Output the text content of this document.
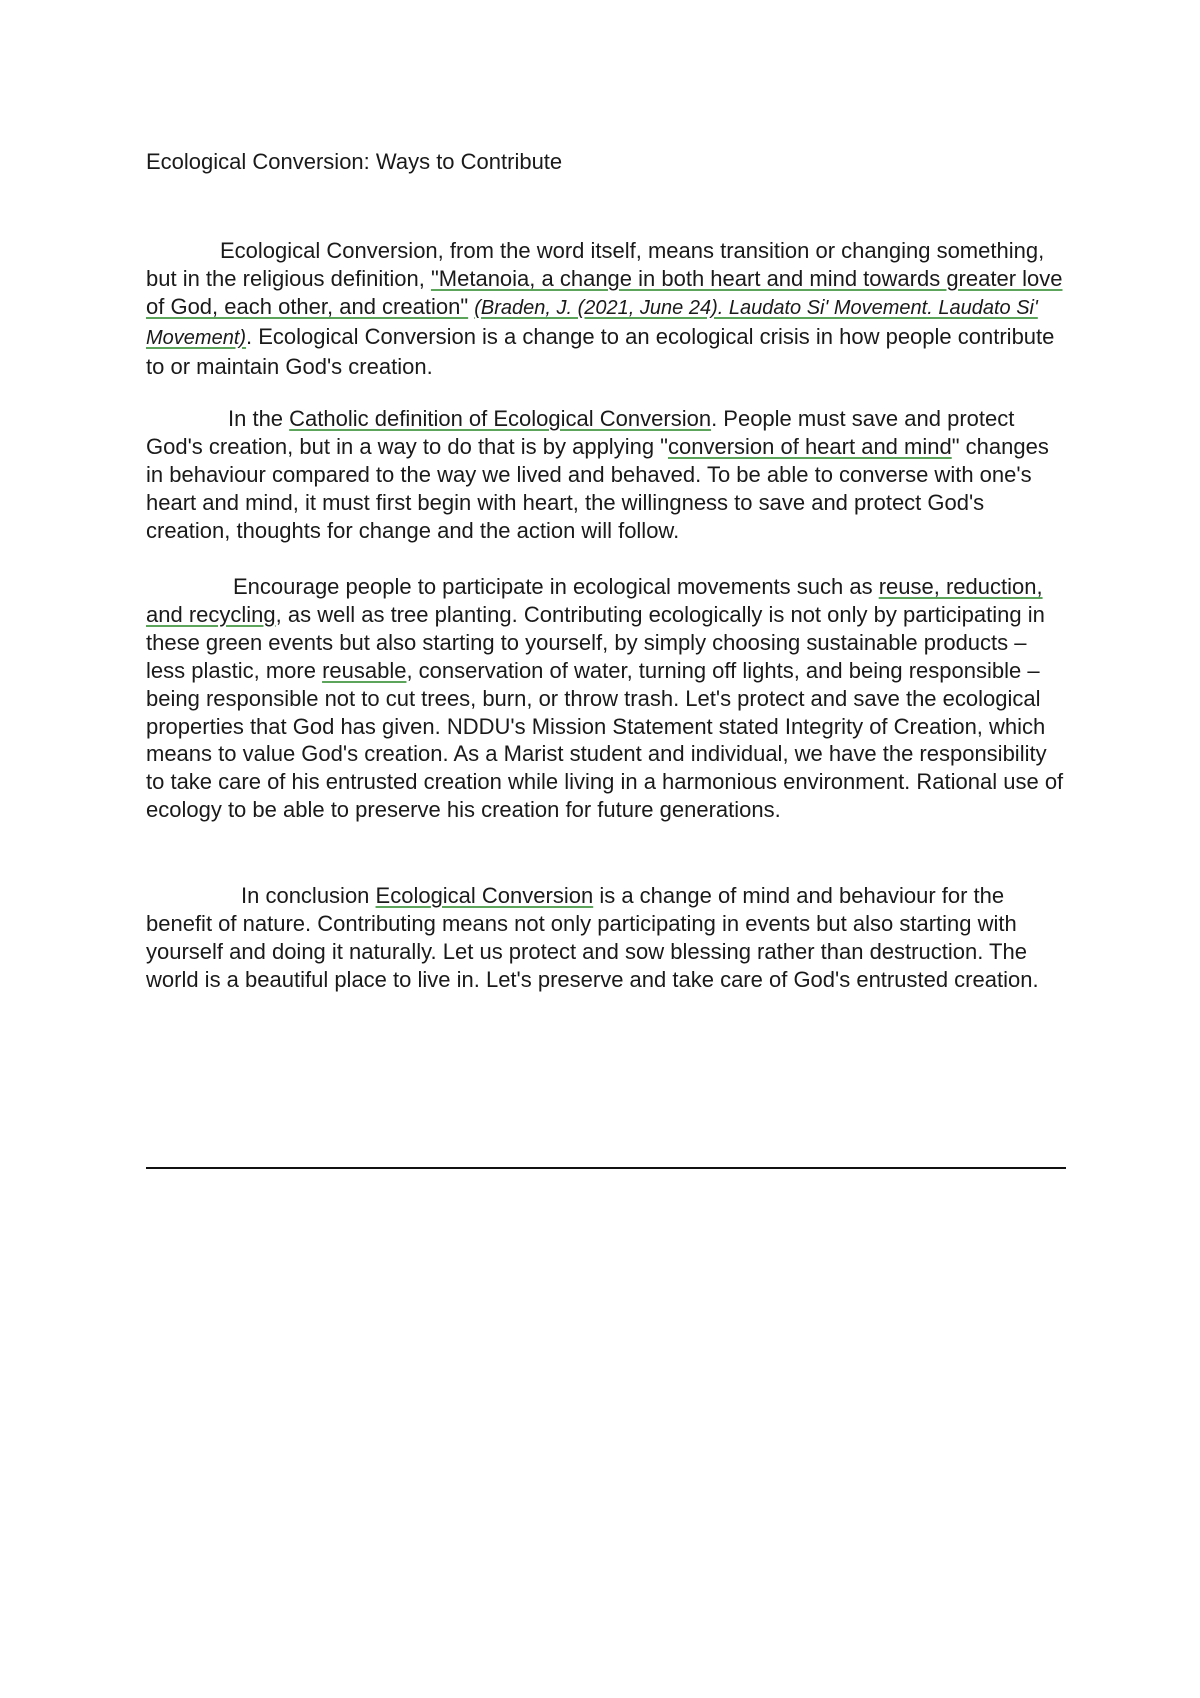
Ecological Conversion: Ways to Contribute

Ecological Conversion, from the word itself, means transition or changing something, but in the religious definition, "Metanoia, a change in both heart and mind towards greater love of God, each other, and creation" (Braden, J. (2021, June 24). Laudato Si' Movement. Laudato Si' Movement). Ecological Conversion is a change to an ecological crisis in how people contribute to or maintain God's creation.

In the Catholic definition of Ecological Conversion. People must save and protect God's creation, but in a way to do that is by applying "conversion of heart and mind" changes in behaviour compared to the way we lived and behaved. To be able to converse with one's heart and mind, it must first begin with heart, the willingness to save and protect God's creation, thoughts for change and the action will follow.

Encourage people to participate in ecological movements such as reuse, reduction, and recycling, as well as tree planting. Contributing ecologically is not only by participating in these green events but also starting to yourself, by simply choosing sustainable products – less plastic, more reusable, conservation of water, turning off lights, and being responsible – being responsible not to cut trees, burn, or throw trash. Let's protect and save the ecological properties that God has given. NDDU's Mission Statement stated Integrity of Creation, which means to value God's creation. As a Marist student and individual, we have the responsibility to take care of his entrusted creation while living in a harmonious environment. Rational use of ecology to be able to preserve his creation for future generations.

In conclusion Ecological Conversion is a change of mind and behaviour for the benefit of nature. Contributing means not only participating in events but also starting with yourself and doing it naturally. Let us protect and sow blessing rather than destruction. The world is a beautiful place to live in. Let's preserve and take care of God's entrusted creation.
